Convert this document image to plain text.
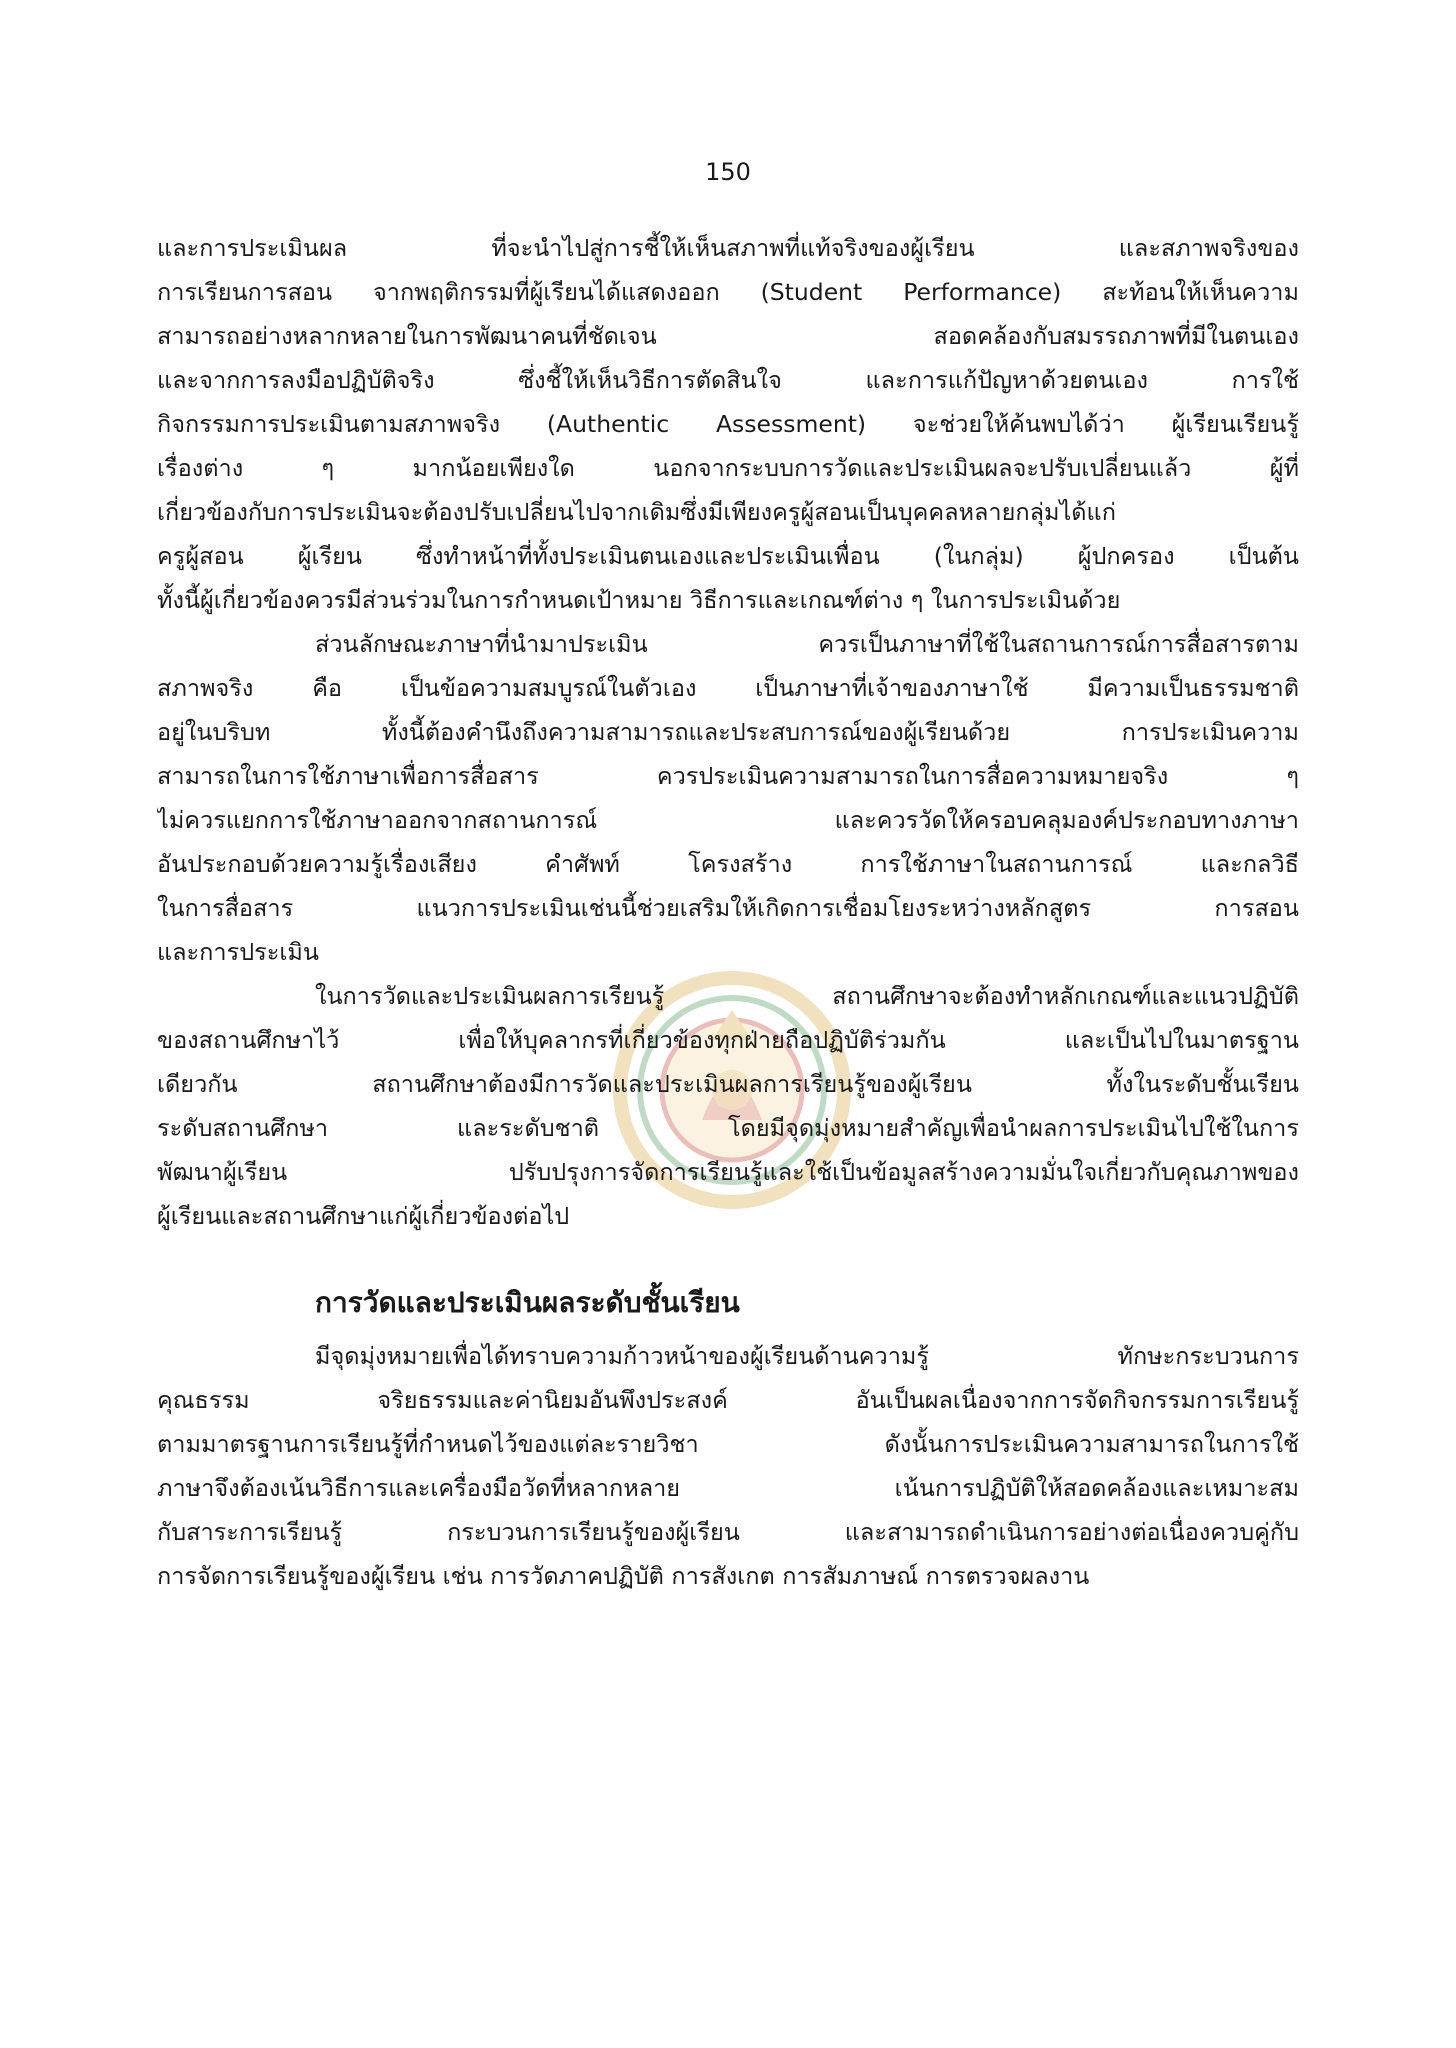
150
และการประเมินผล ที่จะนำไปสู่การชี้ให้เห็นสภาพที่แท้จริงของผู้เรียน และสภาพจริงของ
การเรียนการสอน จากพฤติกรรมที่ผู้เรียนได้แสดงออก (Student Performance) สะท้อนให้เห็นความ
สามารถอย่างหลากหลายในการพัฒนาคนที่ชัดเจน สอดคล้องกับสมรรถภาพที่มีในตนเอง
และจากการลงมือปฏิบัติจริง ซึ่งชี้ให้เห็นวิธีการตัดสินใจ และการแก้ปัญหาด้วยตนเอง การใช้
กิจกรรมการประเมินตามสภาพจริง (Authentic Assessment) จะช่วยให้ค้นพบได้ว่า ผู้เรียนเรียนรู้
เรื่องต่าง ๆ มากน้อยเพียงใด นอกจากระบบการวัดและประเมินผลจะปรับเปลี่ยนแล้ว ผู้ที่
เกี่ยวข้องกับการประเมินจะต้องปรับเปลี่ยนไปจากเดิมซึ่งมีเพียงครูผู้สอนเป็นบุคคลหลายกลุ่มได้แก่
ครูผู้สอน ผู้เรียน ซึ่งทำหน้าที่ทั้งประเมินตนเองและประเมินเพื่อน (ในกลุ่ม) ผู้ปกครอง เป็นต้น
ทั้งนี้ผู้เกี่ยวข้องควรมีส่วนร่วมในการกำหนดเป้าหมาย วิธีการและเกณฑ์ต่าง ๆ ในการประเมินด้วย
ส่วนลักษณะภาษาที่นำมาประเมิน ควรเป็นภาษาที่ใช้ในสถานการณ์การสื่อสารตาม
สภาพจริง คือ เป็นข้อความสมบูรณ์ในตัวเอง เป็นภาษาที่เจ้าของภาษาใช้ มีความเป็นธรรมชาติ
อยู่ในบริบท ทั้งนี้ต้องคำนึงถึงความสามารถและประสบการณ์ของผู้เรียนด้วย การประเมินความ
สามารถในการใช้ภาษาเพื่อการสื่อสาร ควรประเมินความสามารถในการสื่อความหมายจริง ๆ
ไม่ควรแยกการใช้ภาษาออกจากสถานการณ์ และควรวัดให้ครอบคลุมองค์ประกอบทางภาษา
อันประกอบด้วยความรู้เรื่องเสียง คำศัพท์ โครงสร้าง การใช้ภาษาในสถานการณ์ และกลวิธี
ในการสื่อสาร แนวการประเมินเช่นนี้ช่วยเสริมให้เกิดการเชื่อมโยงระหว่างหลักสูตร การสอน
และการประเมิน
ในการวัดและประเมินผลการเรียนรู้ สถานศึกษาจะต้องทำหลักเกณฑ์และแนวปฏิบัติ
ของสถานศึกษาไว้ เพื่อให้บุคลากรที่เกี่ยวข้องทุกฝ่ายถือปฏิบัติร่วมกัน และเป็นไปในมาตรฐาน
เดียวกัน สถานศึกษาต้องมีการวัดและประเมินผลการเรียนรู้ของผู้เรียน ทั้งในระดับชั้นเรียน
ระดับสถานศึกษา และระดับชาติ โดยมีจุดมุ่งหมายสำคัญเพื่อนำผลการประเมินไปใช้ในการ
พัฒนาผู้เรียน ปรับปรุงการจัดการเรียนรู้และใช้เป็นข้อมูลสร้างความมั่นใจเกี่ยวกับคุณภาพของ
ผู้เรียนและสถานศึกษาแก่ผู้เกี่ยวข้องต่อไป
การวัดและประเมินผลระดับชั้นเรียน
มีจุดมุ่งหมายเพื่อได้ทราบความก้าวหน้าของผู้เรียนด้านความรู้ ทักษะกระบวนการ
คุณธรรม จริยธรรมและค่านิยมอันพึงประสงค์ อันเป็นผลเนื่องจากการจัดกิจกรรมการเรียนรู้
ตามมาตรฐานการเรียนรู้ที่กำหนดไว้ของแต่ละรายวิชา ดังนั้นการประเมินความสามารถในการใช้
ภาษาจึงต้องเน้นวิธีการและเครื่องมือวัดที่หลากหลาย เน้นการปฏิบัติให้สอดคล้องและเหมาะสม
กับสาระการเรียนรู้ กระบวนการเรียนรู้ของผู้เรียน และสามารถดำเนินการอย่างต่อเนื่องควบคู่กับ
การจัดการเรียนรู้ของผู้เรียน เช่น การวัดภาคปฏิบัติ การสังเกต การสัมภาษณ์ การตรวจผลงาน
